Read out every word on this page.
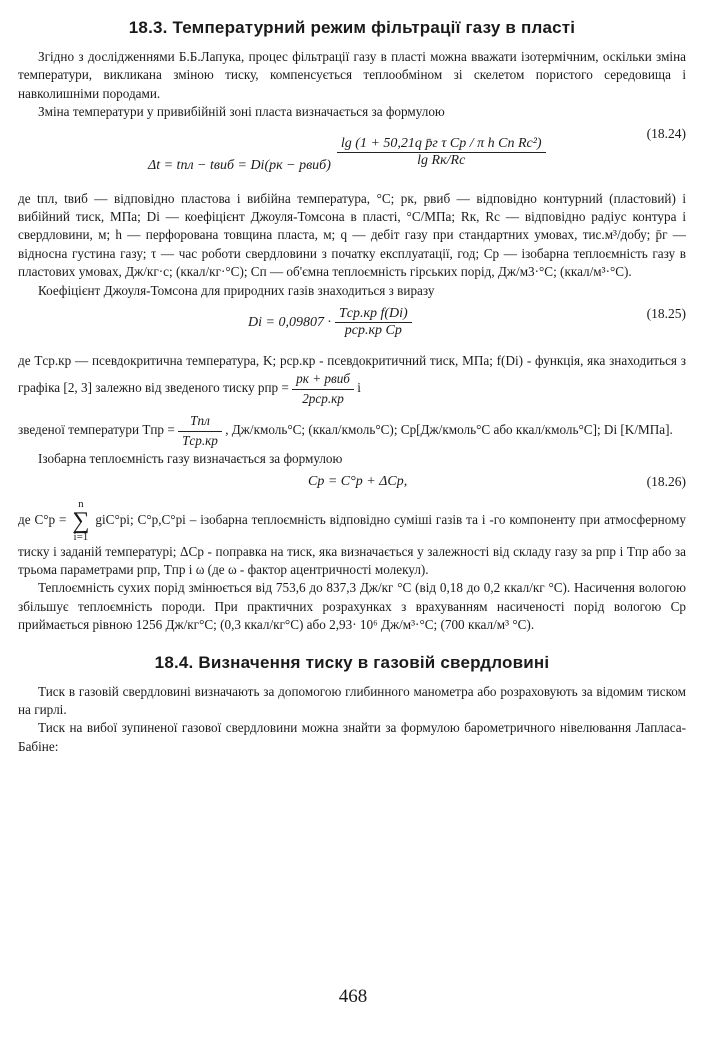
18.3. Температурний режим фільтрації газу в пласті

Згідно з дослідженнями Б.Б.Лапука, процес фільтрації газу в пласті можна вважати ізотермічним, оскільки зміна температури, викликана зміною тиску, компенсується теплообміном зі скелетом пористого середовища і навколишніми породами.

Зміна температури у привибійній зоні пласта визначається за формулою

Δt = tпл − tвиб = Di(pк − pвиб) $\frac{\text{lg (1 + 50,21q p̄г τ Cp / π h Cп Rc²)}}{\text{lg Rк/Rc}}$
(18.24)

де tпл, tвиб — відповідно пластова і вибійна температура, °C; pк, pвиб — відповідно контурний (пластовий) і вибійний тиск, МПа; Di — коефіцієнт Джоуля-Томсона в пласті, °C/МПа; Rк, Rc — відповідно радіус контура і свердловини, м; h — перфорована товщина пласта, м; q — дебіт газу при стандартних умовах, тис.м³/добу; p̄г — відносна густина газу; τ — час роботи свердловини з початку експлуатації, год; Cp — ізобарна теплоємність газу в пластових умовах, Дж/кг·с; (ккал/кг·°C); Cп — об'ємна теплоємність гірських порід, Дж/м3·°C; (ккал/м³·°C).

Коефіцієнт Джоуля-Томсона для природних газів знаходиться з виразу

$Di = 0,09807 \cdot \frac{\text{Tср.кр f(Di)}}{\text{pср.кр Cp}}$	(18.25)

де Tср.кр — псевдокритична температура, K; pср.кр - псевдокритичний тиск, МПа; f(Di) - функція, яка знаходиться з графіка [2, 3] залежно від зведеного тиску pпр = $\frac{\text{pк + pвиб}}{\text{2pср.кр}}$ і

зведеної температури Tпр = $\frac{\text{Tпл}}{\text{Tср.кр}}$ , Дж/кмоль°C; (ккал/кмоль°C); Cp[Дж/кмоль°C або ккал/кмоль°C]; Di [K/МПа].

Ізобарна теплоємність газу визначається за формулою

Cp = C°p + ΔCp,	(18.26)

де C°p =
n
∑
i=1
giC°pi; C°p,C°pi – ізобарна теплоємність відповідно суміші газів та i -го компоненту при атмосферному тиску і заданій температурі; ΔCp - поправка на тиск, яка визначається у залежності від складу газу за pпр і Tпр або за трьома параметрами pпр, Tпр і ω (де ω - фактор ацентричності молекул).

Теплоємність сухих порід змінюється від 753,6 до 837,3 Дж/кг °C (від 0,18 до 0,2 ккал/кг °C). Насичення вологою збільшує теплоємність породи. При практичних розрахунках з врахуванням насиченості порід вологою Cp приймається рівною 1256 Дж/кг°C; (0,3 ккал/кг°C) або 2,93· 10⁶ Дж/м³·°C; (700 ккал/м³ °C).

18.4. Визначення тиску в газовій свердловині

Тиск в газовій свердловині визначають за допомогою глибинного манометра або розраховують за відомим тиском на гирлі.

Тиск на вибої зупиненої газової свердловини можна знайти за формулою барометричного нівелювання Лапласа-Бабіне:

468
